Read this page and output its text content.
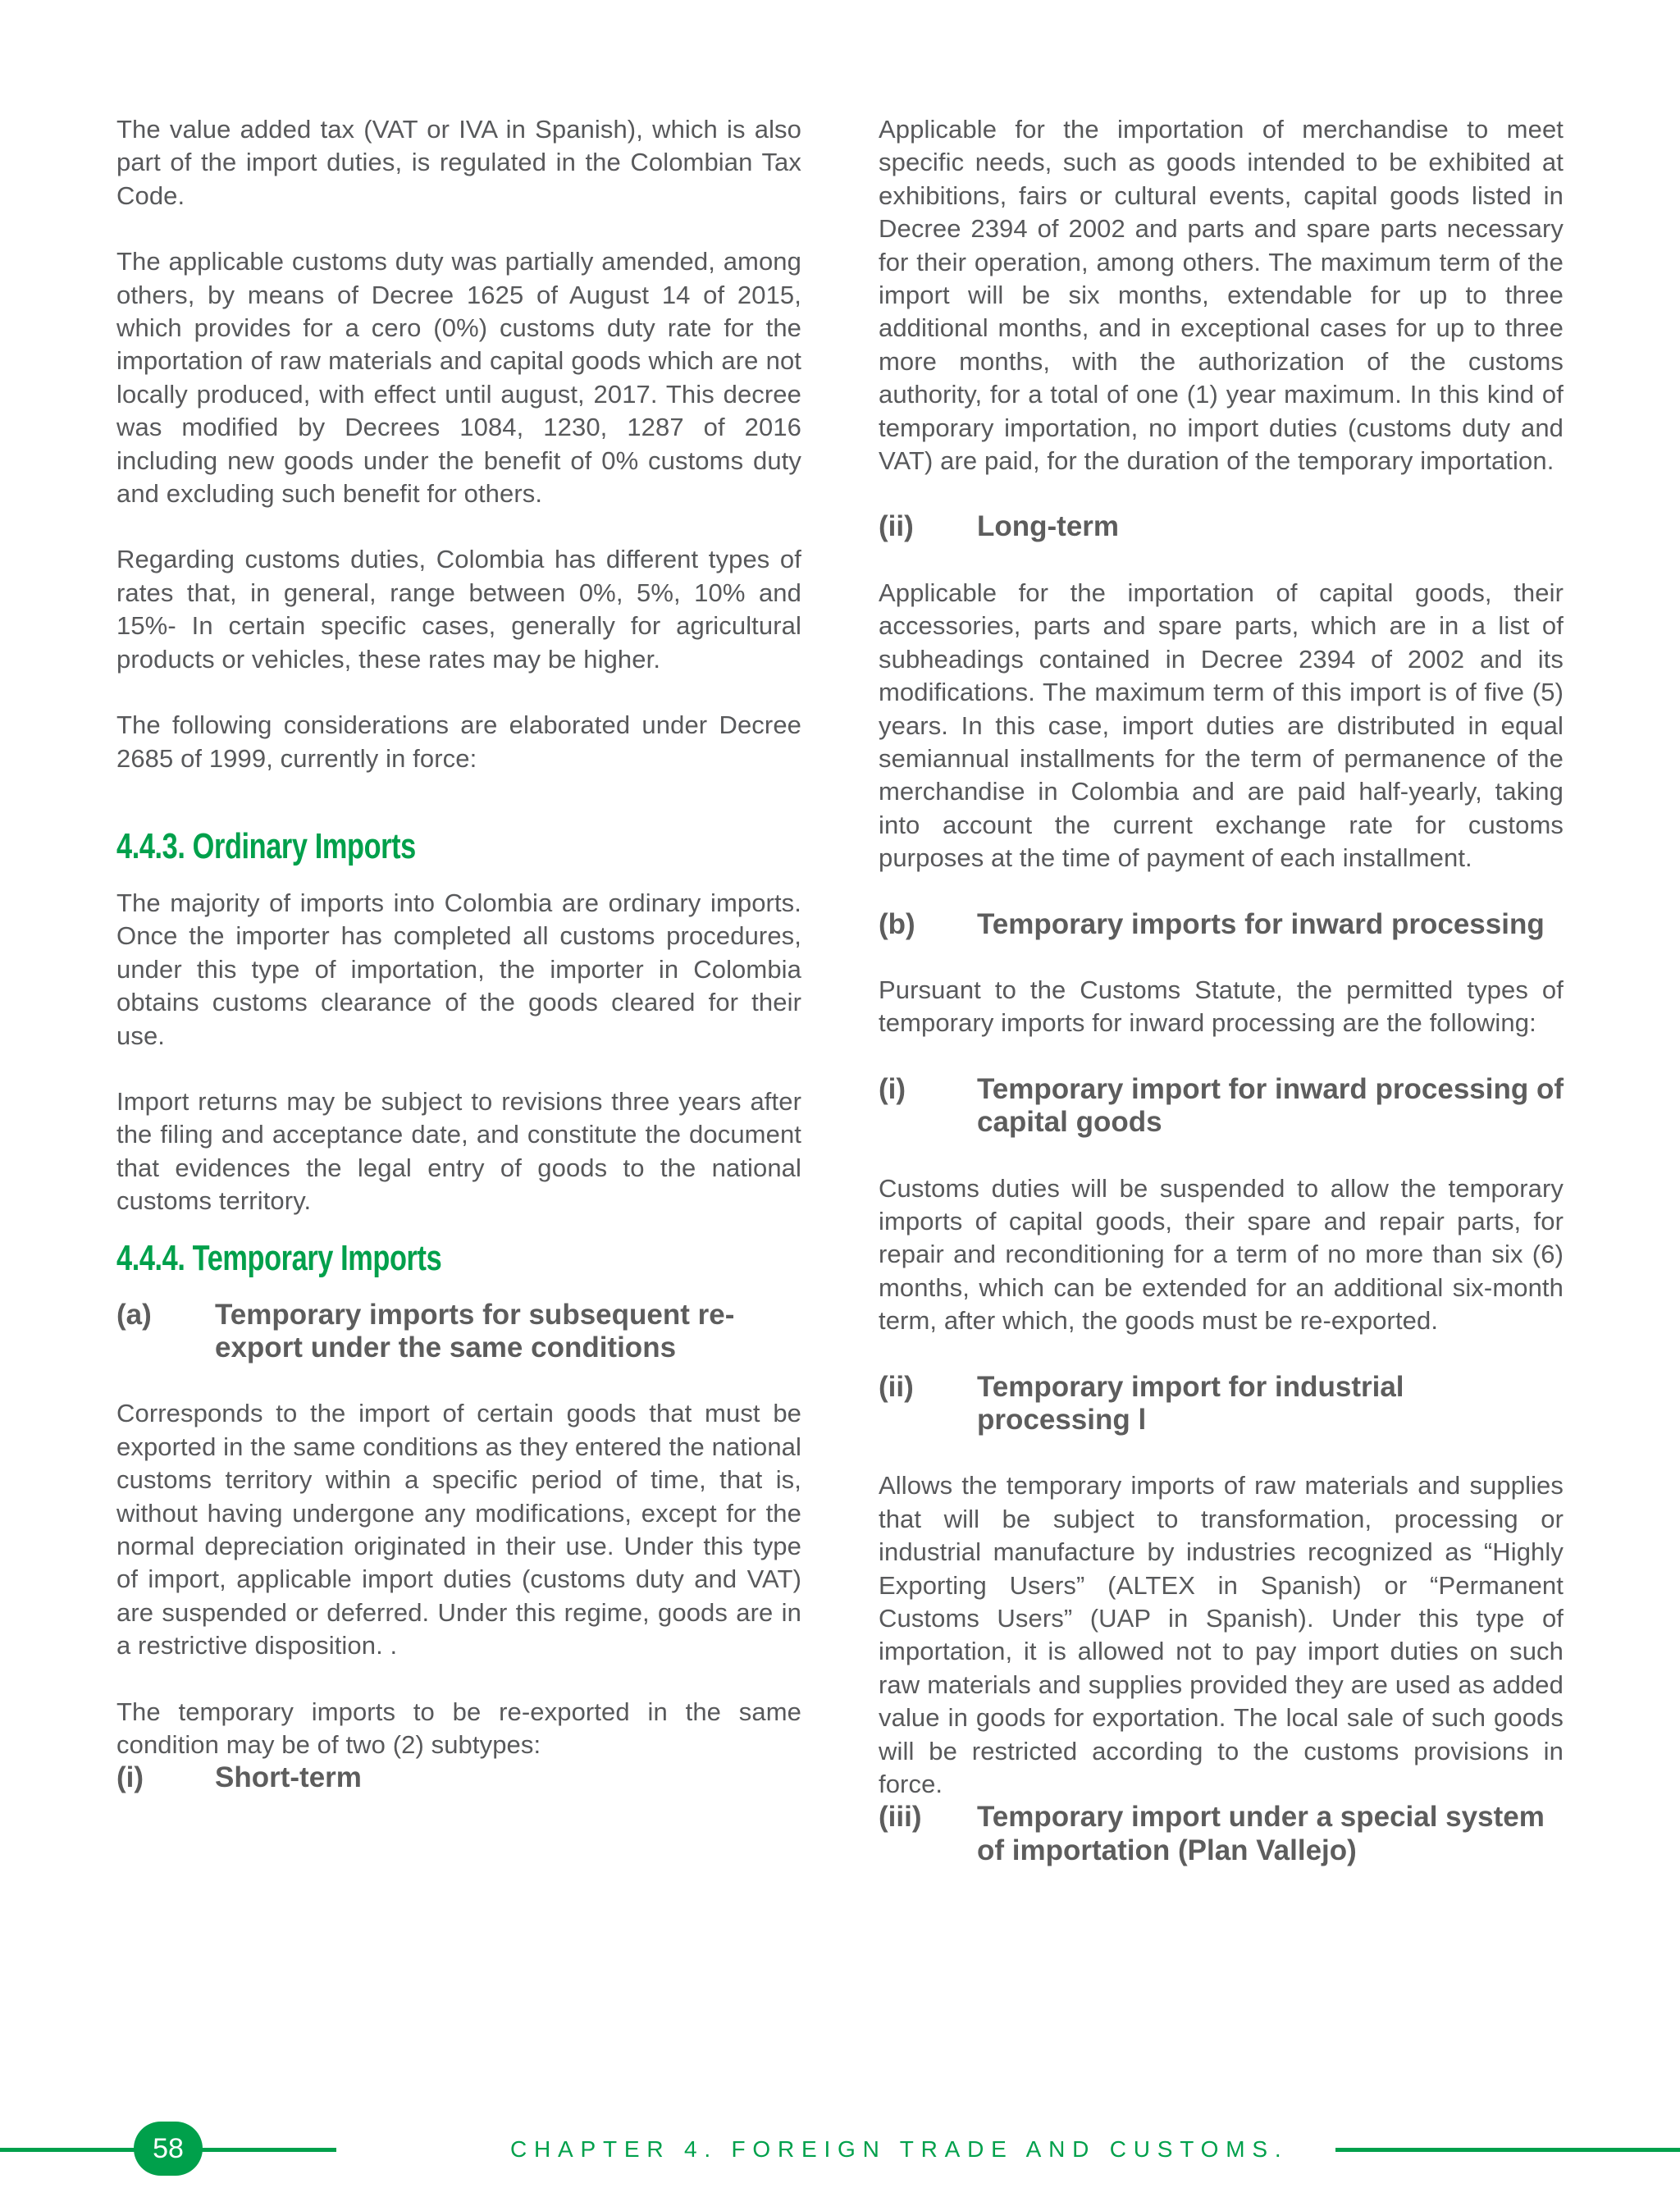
The value added tax (VAT or IVA in Spanish), which is also part of the import duties, is regulated in the Colombian Tax Code.

The applicable customs duty was partially amended, among others, by means of Decree 1625 of August 14 of 2015, which provides for a cero (0%) customs duty rate for the importation of raw materials and capital goods which are not locally produced, with effect until august, 2017. This decree was modified by Decrees 1084, 1230, 1287 of 2016 including new goods under the benefit of 0% customs duty and excluding such benefit for others.

Regarding customs duties, Colombia has different types of rates that, in general, range between 0%, 5%, 10% and 15%- In certain specific cases, generally for agricultural products or vehicles, these rates may be higher.

The following considerations are elaborated under Decree 2685 of 1999, currently in force:

4.4.3. Ordinary Imports

The majority of imports into Colombia are ordinary imports. Once the importer has completed all customs procedures, under this type of importation, the importer in Colombia obtains customs clearance of the goods cleared for their use.

Import returns may be subject to revisions three years after the filing and acceptance date, and constitute the document that evidences the legal entry of goods to the national customs territory.

4.4.4. Temporary Imports
(a)	Temporary imports for subsequent re-export under the same conditions

Corresponds to the import of certain goods that must be exported in the same conditions as they entered the national customs territory within a specific period of time, that is, without having undergone any modifications, except for the normal depreciation originated in their use. Under this type of import, applicable import duties (customs duty and VAT) are suspended or deferred. Under this regime, goods are in a restrictive disposition. .

The temporary imports to be re-exported in the same condition may be of two (2) subtypes:

(i)	Short-term

Applicable for the importation of merchandise to meet specific needs, such as goods intended to be exhibited at exhibitions, fairs or cultural events, capital goods listed in Decree 2394 of 2002 and parts and spare parts necessary for their operation, among others. The maximum term of the import will be six months, extendable for up to three additional months, and in exceptional cases for up to three more months, with the authorization of the customs authority, for a total of one (1) year maximum. In this kind of temporary importation, no import duties (customs duty and VAT) are paid, for the duration of the temporary importation.

(ii)	Long-term

Applicable for the importation of capital goods, their accessories, parts and spare parts, which are in a list of subheadings contained in Decree 2394 of 2002 and its modifications. The maximum term of this import is of five (5) years. In this case, import duties are distributed in equal semiannual installments for the term of permanence of the merchandise in Colombia and are paid half-yearly, taking into account the current exchange rate for customs purposes at the time of payment of each installment.

(b)	Temporary imports for inward processing

Pursuant to the Customs Statute, the permitted types of temporary imports for inward processing are the following:

(i)	Temporary import for inward processing of capital goods

Customs duties will be suspended to allow the temporary imports of capital goods, their spare and repair parts, for repair and reconditioning for a term of no more than six (6) months, which can be extended for an additional six-month term, after which, the goods must be re-exported.

(ii)	Temporary import for industrial processing l

Allows the temporary imports of raw materials and supplies that will be subject to transformation, processing or industrial manufacture by industries recognized as “Highly Exporting Users” (ALTEX in Spanish) or “Permanent Customs Users” (UAP in Spanish). Under this type of importation, it is allowed not to pay import duties on such raw materials and supplies provided they are used as added value in goods for exportation. The local sale of such goods will be restricted according to the customs provisions in force.

(iii)	Temporary import under a special system of importation (Plan Vallejo)
58	CHAPTER 4. FOREIGN TRADE AND CUSTOMS.
